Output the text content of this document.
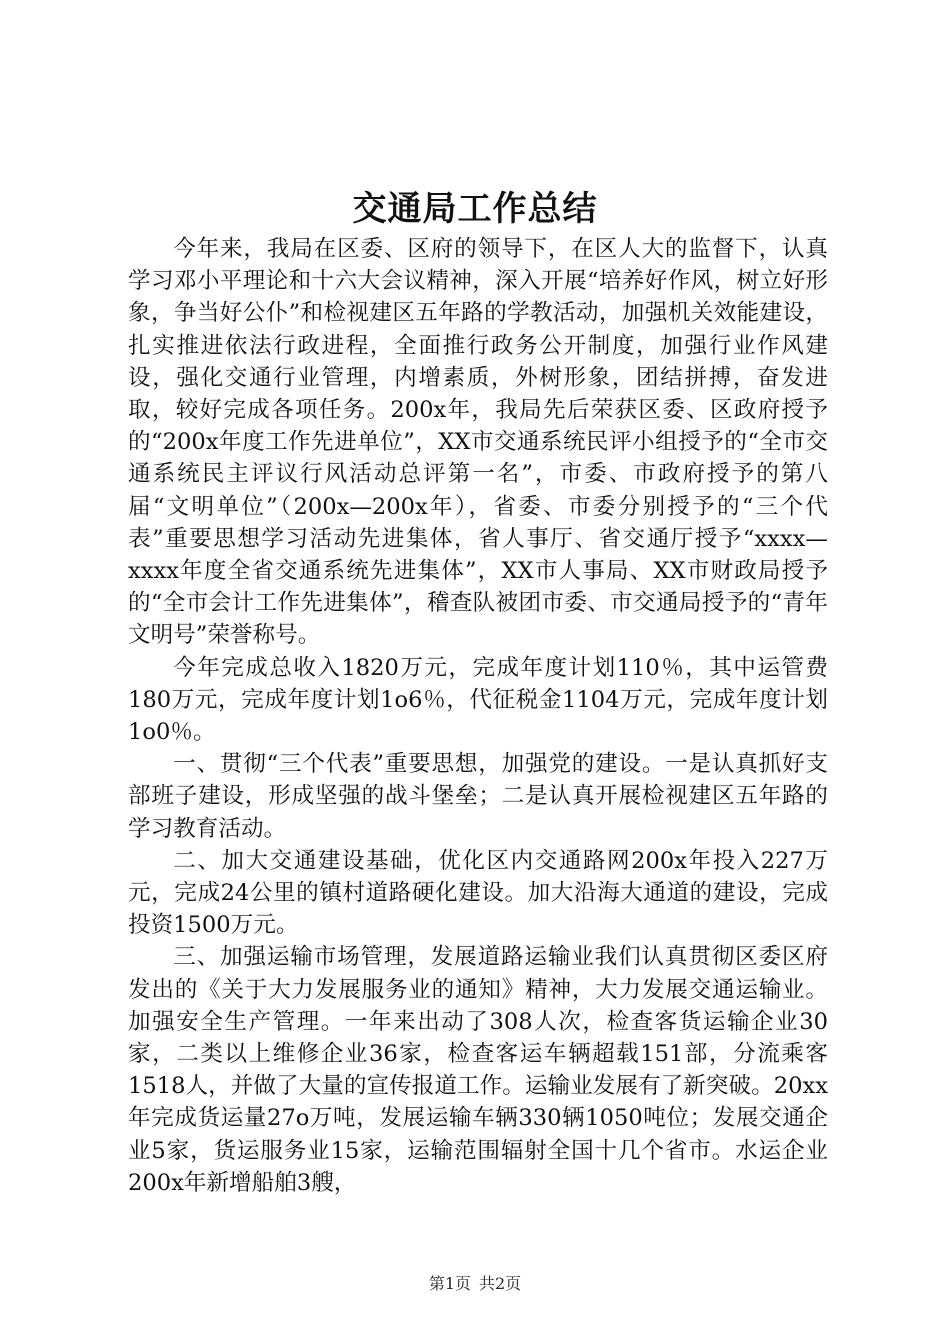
交通局工作总结

今年来，我局在区委、区府的领导下，在区人大的监督下，认真学习邓小平理论和十六大会议精神，深入开展“培养好作风，树立好形象，争当好公仆”和检视建区五年路的学教活动，加强机关效能建设，扎实推进依法行政进程，全面推行政务公开制度，加强行业作风建设，强化交通行业管理，内增素质，外树形象，团结拼搏，奋发进取，较好完成各项任务。200x年，我局先后荣获区委、区政府授予的“200x年度工作先进单位”，XX市交通系统民评小组授予的“全市交通系统民主评议行风活动总评第一名”，市委、市政府授予的第八届“文明单位”（200x—200x年），省委、市委分别授予的“三个代表”重要思想学习活动先进集体，省人事厅、省交通厅授予“xxxx—xxxx年度全省交通系统先进集体”，XX市人事局、XX市财政局授予的“全市会计工作先进集体”，稽查队被团市委、市交通局授予的“青年文明号”荣誉称号。

今年完成总收入1820万元，完成年度计划110％，其中运管费180万元，完成年度计划1o6％，代征税金1104万元，完成年度计划1o0％。

一、贯彻“三个代表”重要思想，加强党的建设。一是认真抓好支部班子建设，形成坚强的战斗堡垒；二是认真开展检视建区五年路的学习教育活动。

二、加大交通建设基础，优化区内交通路网200x年投入227万元，完成24公里的镇村道路硬化建设。加大沿海大通道的建设，完成投资1500万元。

三、加强运输市场管理，发展道路运输业我们认真贯彻区委区府发出的《关于大力发展服务业的通知》精神，大力发展交通运输业。加强安全生产管理。一年来出动了308人次，检查客货运输企业30家，二类以上维修企业36家，检查客运车辆超载151部，分流乘客1518人，并做了大量的宣传报道工作。运输业发展有了新突破。20xx年完成货运量27o万吨，发展运输车辆330辆1050吨位；发展交通企业5家，货运服务业15家，运输范围辐射全国十几个省市。水运企业200x年新增船舶3艘，

第1页 共2页
